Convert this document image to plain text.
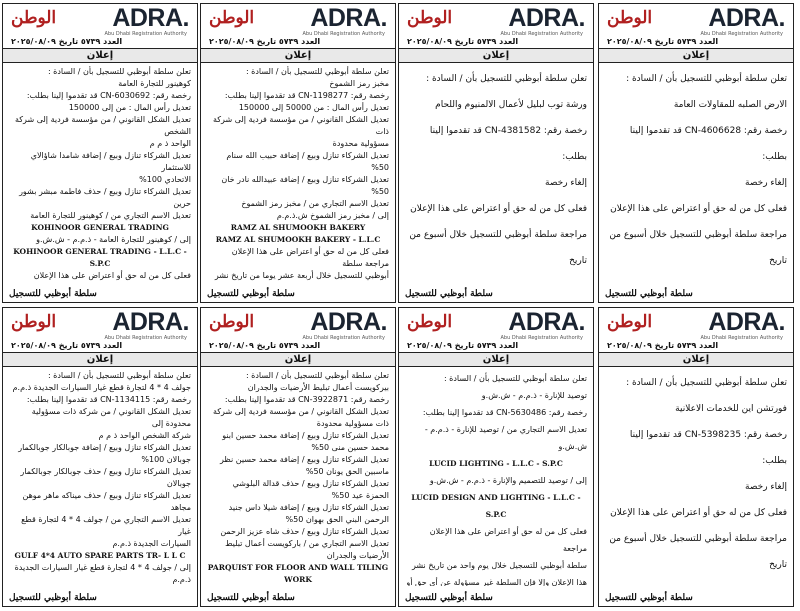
الوطن ADRA.
Abu Dhabi Registration Authority
العدد ٥٧٣٩ تاريخ ٢٠٢٥/٠٨/٠٩
إعلان

تعلن سلطة أبوظبي للتسجيل بأن / السادة :

الارض الصلبه للمقاولات العامة

رخصة رقم: CN-4606628 قد تقدموا إلينا بطلب:

إلغاء رخصة

فعلى كل من له حق أو اعتراض على هذا الإعلان

مراجعة سلطة أبوظبي للتسجيل خلال أسبوع من تاريخ

سلطة أبوظبي للتسجيل
الوطن ADRA.
Abu Dhabi Registration Authority
العدد ٥٧٣٩ تاريخ ٢٠٢٥/٠٨/٠٩
إعلان

تعلن سلطة أبوظبي للتسجيل بأن / السادة :

ورشة توب لبليل لأعمال الالمنيوم واللحام

رخصة رقم: CN-4381582 قد تقدموا إلينا بطلب:

إلغاء رخصة

فعلى كل من له حق أو اعتراض على هذا الإعلان

مراجعة سلطة أبوظبي للتسجيل خلال أسبوع من تاريخ

سلطة أبوظبي للتسجيل
الوطن ADRA.
Abu Dhabi Registration Authority
العدد ٥٧٣٩ تاريخ ٢٠٢٥/٠٨/٠٩
إعلان

تعلن سلطة أبوظبي للتسجيل بأن / السادة :

مخبز رمز الشموخ

رخصة رقم: CN-1198277 قد تقدموا إلينا بطلب:

تعديل رأس المال : من 50000 إلى 150000

تعديل الشكل القانوني / من مؤسسة فردية إلى شركة ذات

مسؤولية محدودة

تعديل الشركاء تنازل وبيع / إضافة حبيب الله سنام 50%

تعديل الشركاء تنازل وبيع / إضافة عبيدالله نادر خان 50%

تعديل الاسم التجاري من / مخبز رمز الشموخ

إلى / مخبز رمز الشموخ ش.ذ.م.م

RAMZ AL SHUMOOKH BAKERY

RAMZ AL SHUMOOKH BAKERY - L.L.C

فعلى كل من له حق أو اعتراض على هذا الإعلان مراجعة سلطة

أبوظبي للتسجيل خلال أربعة عشر يوما من تاريخ نشر

سلطة أبوظبي للتسجيل
الوطن ADRA.
Abu Dhabi Registration Authority
العدد ٥٧٣٩ تاريخ ٢٠٢٥/٠٨/٠٩
إعلان

تعلن سلطة أبوظبي للتسجيل بأن / السادة :

كوهينور للتجارة العامة

رخصة رقم: CN-6030692 قد تقدموا إلينا بطلب:

تعديل رأس المال : من إلى 150000

تعديل الشكل القانوني / من مؤسسة فردية إلى شركة الشخص

الواحد ذ م م

تعديل الشركاء تنازل وبيع / إضافة شامدا شاؤالاي للاستثمار

الاتحادي 100%

تعديل الشركاء تنازل وبيع / حذف فاطمة مبشر بشور حرين

تعديل الاسم التجاري من / كوهينور للتجارة العامة

KOHINOOR GENERAL TRADING

إلى / كوهينور للتجارة العامة - ذ.م.م - ش.ش.و

KOHINOOR GENERAL TRADING - L.L.C - S.P.C

فعلى كل من له حق أو اعتراض على هذا الإعلان

سلطة أبوظبي للتسجيل
الوطن ADRA.
Abu Dhabi Registration Authority
العدد ٥٧٣٩ تاريخ ٢٠٢٥/٠٨/٠٩
إعلان

تعلن سلطة أبوظبي للتسجيل بأن / السادة :

فورتشن اين للخدمات الاعلانية

رخصة رقم: CN-5398235 قد تقدموا إلينا بطلب:

إلغاء رخصة

فعلى كل من له حق أو اعتراض على هذا الإعلان

مراجعة سلطة أبوظبي للتسجيل خلال أسبوع من تاريخ

سلطة أبوظبي للتسجيل
الوطن ADRA.
Abu Dhabi Registration Authority
العدد ٥٧٣٩ تاريخ ٢٠٢٥/٠٨/٠٩
إعلان

تعلن سلطة أبوظبي للتسجيل بأن / السادة :

توصيد للإنارة - ذ.م.م - ش.ش.و

رخصة رقم: CN-5630486 قد تقدموا إلينا بطلب:

تعديل الاسم التجاري من / توصيد للإنارة - ذ.م.م - ش.ش.و

LUCID LIGHTING - L.L.C - S.P.C

إلى / توصيد للتصميم والإنارة - ذ.م.م - ش.ش.و

LUCID DESIGN AND LIGHTING - L.L.C - S.P.C

فعلى كل من له حق أو اعتراض على هذا الإعلان مراجعة

سلطة أبوظبي للتسجيل خلال يوم واحد من تاريخ نشر

هذا الإعلان وإلا فإن السلطة غير مسؤولة عن أي حق أو

سلطة أبوظبي للتسجيل
الوطن ADRA.
Abu Dhabi Registration Authority
العدد ٥٧٣٩ تاريخ ٢٠٢٥/٠٨/٠٩
إعلان

تعلن سلطة أبوظبي للتسجيل بأن / السادة :

بيركويست أعمال تبليط الأرضيات والجدران

رخصة رقم: CN-3922871 قد تقدموا إلينا بطلب:

تعديل الشكل القانوني / من مؤسسة فردية إلى شركة ذات مسؤولية محدودة

تعديل الشركاء تنازل وبيع / إضافة محمد حسين ابنو محمد حسين منى 50%

تعديل الشركاء تنازل وبيع / إضافة محمد حسين نظر ماسبين الحق يونان 50%

تعديل الشركاء تنازل وبيع / حذف قدالة البلوشي الحمزة عيد 50%

تعديل الشركاء تنازل وبيع / إضافة شيلا داس جنيد الرحمن البني الحق بهوان 50%

تعديل الشركاء تنازل وبيع / حذف شاه عزيز الرحمن

تعديل الاسم التجاري من / باركويست أعمال تبليط الأرضيات والجدران

PARQUIST FOR FLOOR AND WALL TILING WORK

سلطة أبوظبي للتسجيل
الوطن ADRA.
Abu Dhabi Registration Authority
العدد ٥٧٣٩ تاريخ ٢٠٢٥/٠٨/٠٩
إعلان

تعلن سلطة أبوظبي للتسجيل بأن / السادة :

جولف 4 * 4 لتجارة قطع غيار السيارات الجديدة ذ.م.م

رخصة رقم: CN-1134115 قد تقدموا إلينا بطلب:

تعديل الشكل القانوني / من شركة ذات مسؤولية محدودة إلى

شركة الشخص الواحد ذ م م

تعديل الشركاء تنازل وبيع / إضافة جوبالكار جوبالكمار جوبالان 100%

تعديل الشركاء تنازل وبيع / حذف جوبالكار جوبالكمار جوبالان

تعديل الشركاء تنازل وبيع / حذف ميناكه ماهر موهن مجاهد

تعديل الاسم التجاري من / جولف 4 * 4 لتجارة قطع غيار

السيارات الجديدة ذ.م.م

GULF 4*4 AUTO SPARE PARTS TR- L L C

إلى / جولف 4 * 4 لتجارة قطع غيار السيارات الجديدة ذ.م.م

سلطة أبوظبي للتسجيل
